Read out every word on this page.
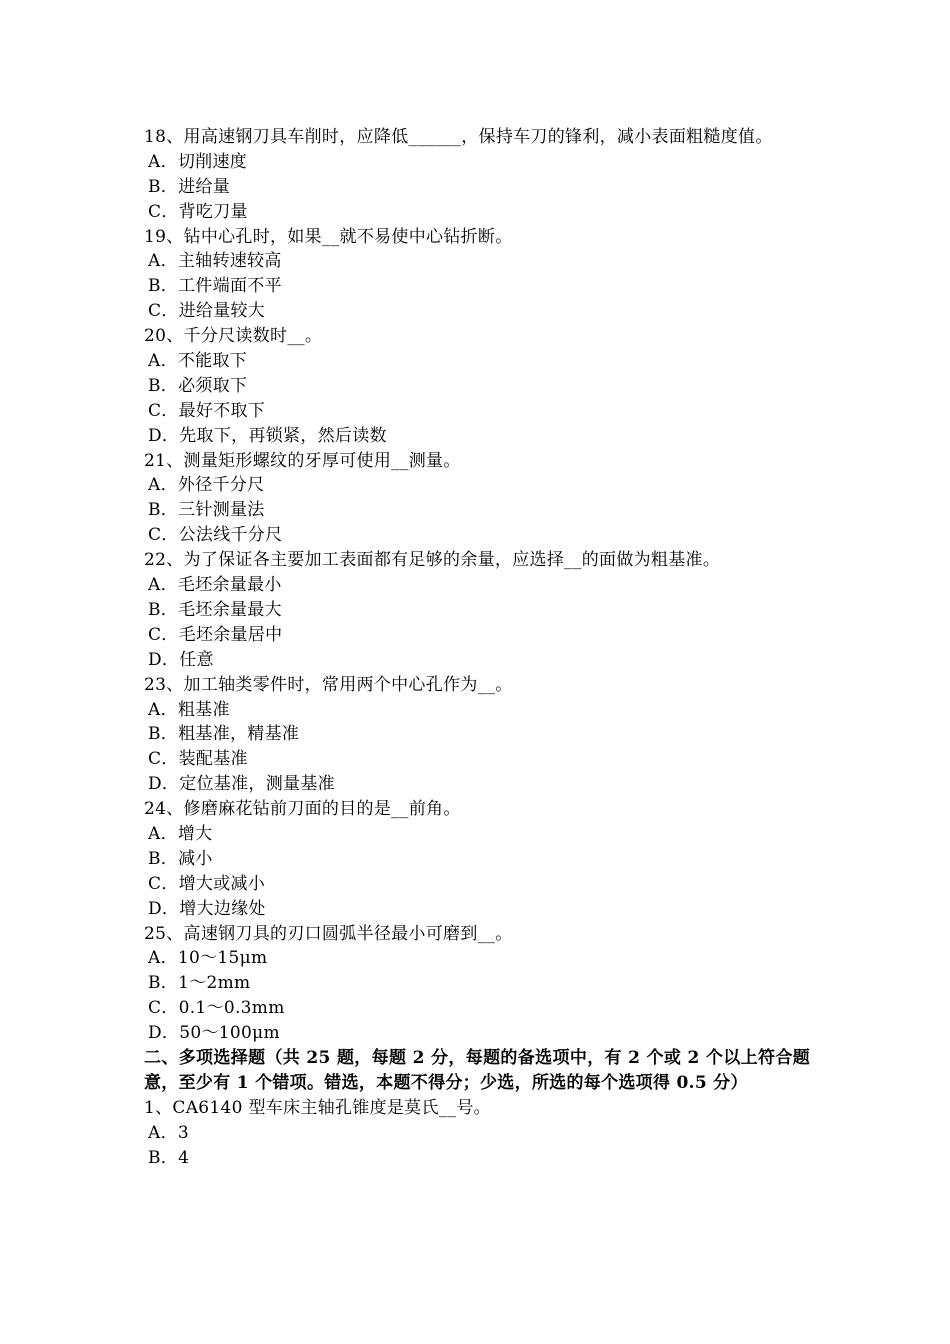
18、用高速钢刀具车削时，应降低______，保持车刀的锋利，减小表面粗糙度值。
A．切削速度
B．进给量
C．背吃刀量
19、钻中心孔时，如果__就不易使中心钻折断。
A．主轴转速较高
B．工件端面不平
C．进给量较大
20、千分尺读数时__。
A．不能取下
B．必须取下
C．最好不取下
D．先取下，再锁紧，然后读数
21、测量矩形螺纹的牙厚可使用__测量。
A．外径千分尺
B．三针测量法
C．公法线千分尺
22、为了保证各主要加工表面都有足够的余量，应选择__的面做为粗基准。
A．毛坯余量最小
B．毛坯余量最大
C．毛坯余量居中
D．任意
23、加工轴类零件时，常用两个中心孔作为__。
A．粗基准
B．粗基准，精基准
C．装配基准
D．定位基准，测量基准
24、修磨麻花钻前刀面的目的是__前角。
A．增大
B．减小
C．增大或减小
D．增大边缘处
25、高速钢刀具的刃口圆弧半径最小可磨到__。
A．10～15μm
B．1～2mm
C．0.1～0.3mm
D．50～100μm
二、多项选择题（共 25 题，每题 2 分，每题的备选项中，有 2 个或 2 个以上符合题意，至少有 1 个错项。错选，本题不得分；少选，所选的每个选项得 0.5 分）
1、CA6140 型车床主轴孔锥度是莫氏__号。
A．3
B．4
